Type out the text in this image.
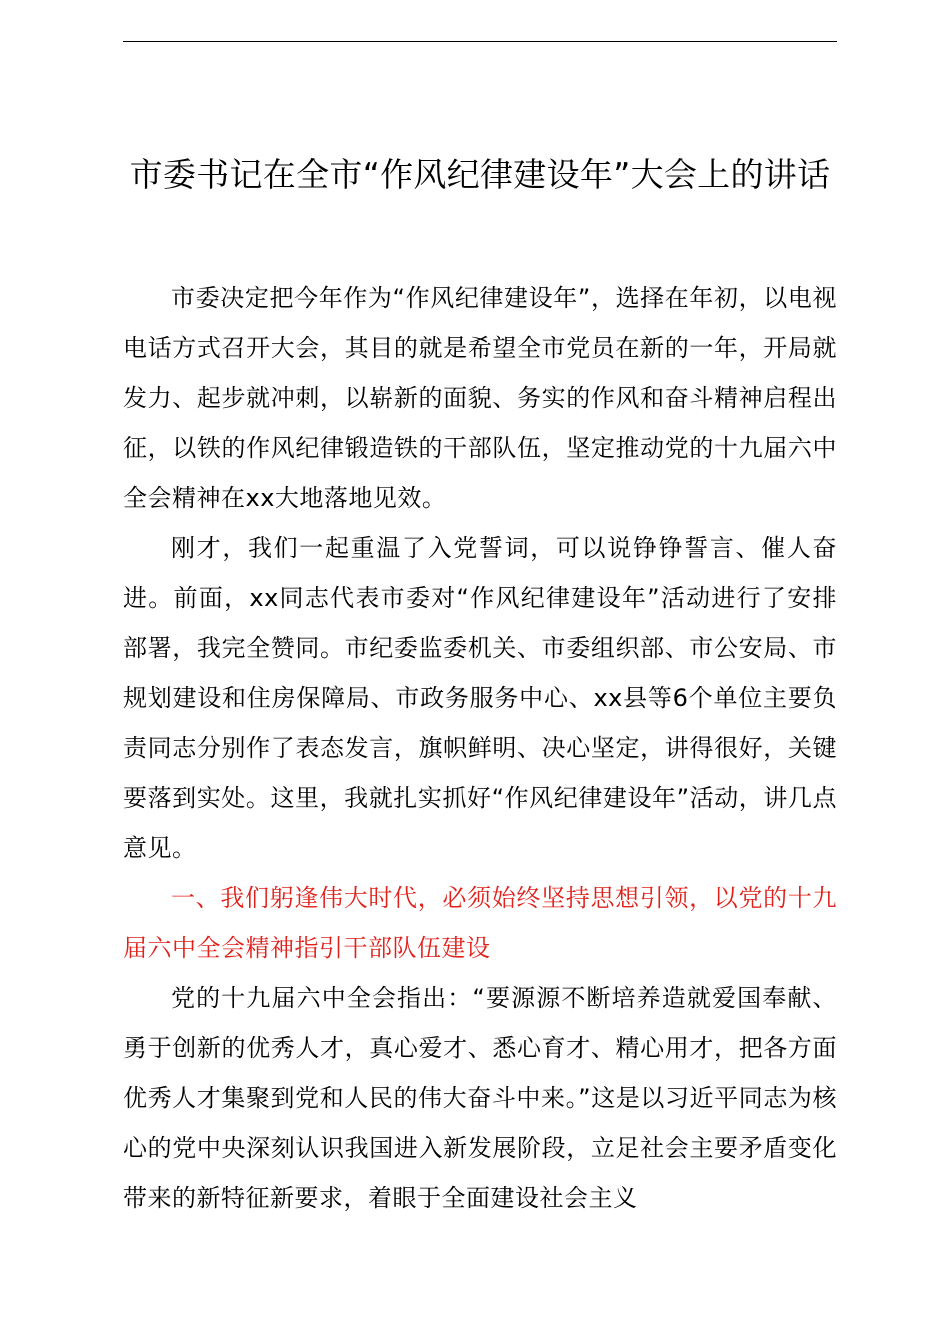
市委书记在全市“作风纪律建设年”大会上的讲话

市委决定把今年作为“作风纪律建设年”，选择在年初，以电视电话方式召开大会，其目的就是希望全市党员在新的一年，开局就发力、起步就冲刺，以崭新的面貌、务实的作风和奋斗精神启程出征，以铁的作风纪律锻造铁的干部队伍，坚定推动党的十九届六中全会精神在xx大地落地见效。

刚才，我们一起重温了入党誓词，可以说铮铮誓言、催人奋进。前面，xx同志代表市委对“作风纪律建设年”活动进行了安排部署，我完全赞同。市纪委监委机关、市委组织部、市公安局、市规划建设和住房保障局、市政务服务中心、xx县等6个单位主要负责同志分别作了表态发言，旗帜鲜明、决心坚定，讲得很好，关键要落到实处。这里，我就扎实抓好“作风纪律建设年”活动，讲几点意见。

一、我们躬逢伟大时代，必须始终坚持思想引领，以党的十九届六中全会精神指引干部队伍建设

党的十九届六中全会指出：“要源源不断培养造就爱国奉献、勇于创新的优秀人才，真心爱才、悉心育才、精心用才，把各方面优秀人才集聚到党和人民的伟大奋斗中来。”这是以习近平同志为核心的党中央深刻认识我国进入新发展阶段，立足社会主要矛盾变化带来的新特征新要求，着眼于全面建设社会主义
